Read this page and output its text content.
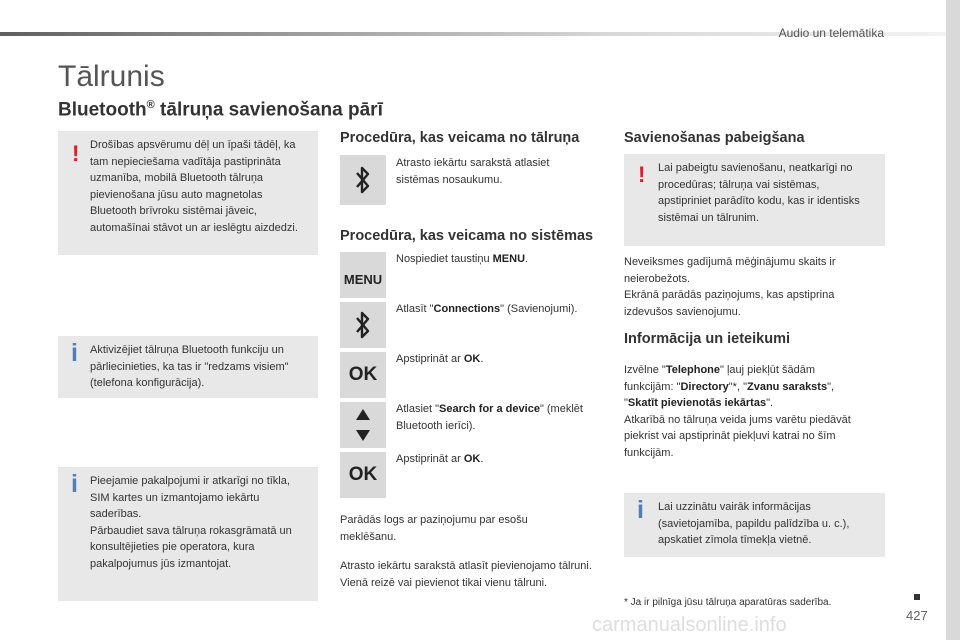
Audio un telemātika
Tālrunis
Bluetooth® tālruņa savienošana pārī
! Drošības apsvērumu dēļ un īpaši tādēļ, ka tam nepieciešama vadītāja pastiprināta uzmanība, mobilā Bluetooth tālruņa pievienošana jūsu auto magnetolas Bluetooth brīvroku sistēmai jāveic, automašīnai stāvot un ar ieslēgtu aizdedzi.

i Aktivizējiet tālruņa Bluetooth funkciju un pārliecinieties, ka tas ir "redzams visiem" (telefona konfigurācija).

i Pieejamie pakalpojumi ir atkarīgi no tīkla, SIM kartes un izmantojamo iekārtu saderības.

Pārbaudiet sava tālruņa rokasgrāmatā un konsultējieties pie operatora, kura pakalpojumus jūs izmantojat.

Procedūra, kas veicama no tālruņa
Atrasto iekārtu sarakstā atlasiet sistēmas nosaukumu.
Procedūra, kas veicama no sistēmas
MENU
Nospiediet taustiņu MENU.
Atlasīt "Connections" (Savienojumi).
OK
Apstiprināt ar OK.
Atlasiet "Search for a device" (meklēt Bluetooth ierīci).
OK
Apstiprināt ar OK.
Parādās logs ar paziņojumu par esošu meklēšanu.
Atrasto iekārtu sarakstā atlasīt pievienojamo tālruni. Vienā reizē vai pievienot tikai vienu tālruni.
Savienošanas pabeigšana
! Lai pabeigtu savienošanu, neatkarīgi no procedūras; tālruņa vai sistēmas, apstipriniet parādīto kodu, kas ir identisks sistēmai un tālrunim.

Neveiksmes gadījumā mēģinājumu skaits ir neierobežots.
Ekrānā parādās paziņojums, kas apstiprina izdevušos savienojumu.
Informācija un ieteikumi
Izvēlne "Telephone" ļauj piekļūt šādām funkcijām: "Directory"*, "Zvanu saraksts", "Skatīt pievienotās iekārtas".
Atkarībā no tālruņa veida jums varētu piedāvāt piekrist vai apstiprināt piekļuvi katrai no šīm funkcijām.
i Lai uzzinātu vairāk informācijas (savietojamība, papildu palīdzība u. c.), apskatiet zīmola tīmekļa vietnē.

* Ja ir pilnīga jūsu tālruņa aparatūras saderība.
carmanualsonline.info	427
